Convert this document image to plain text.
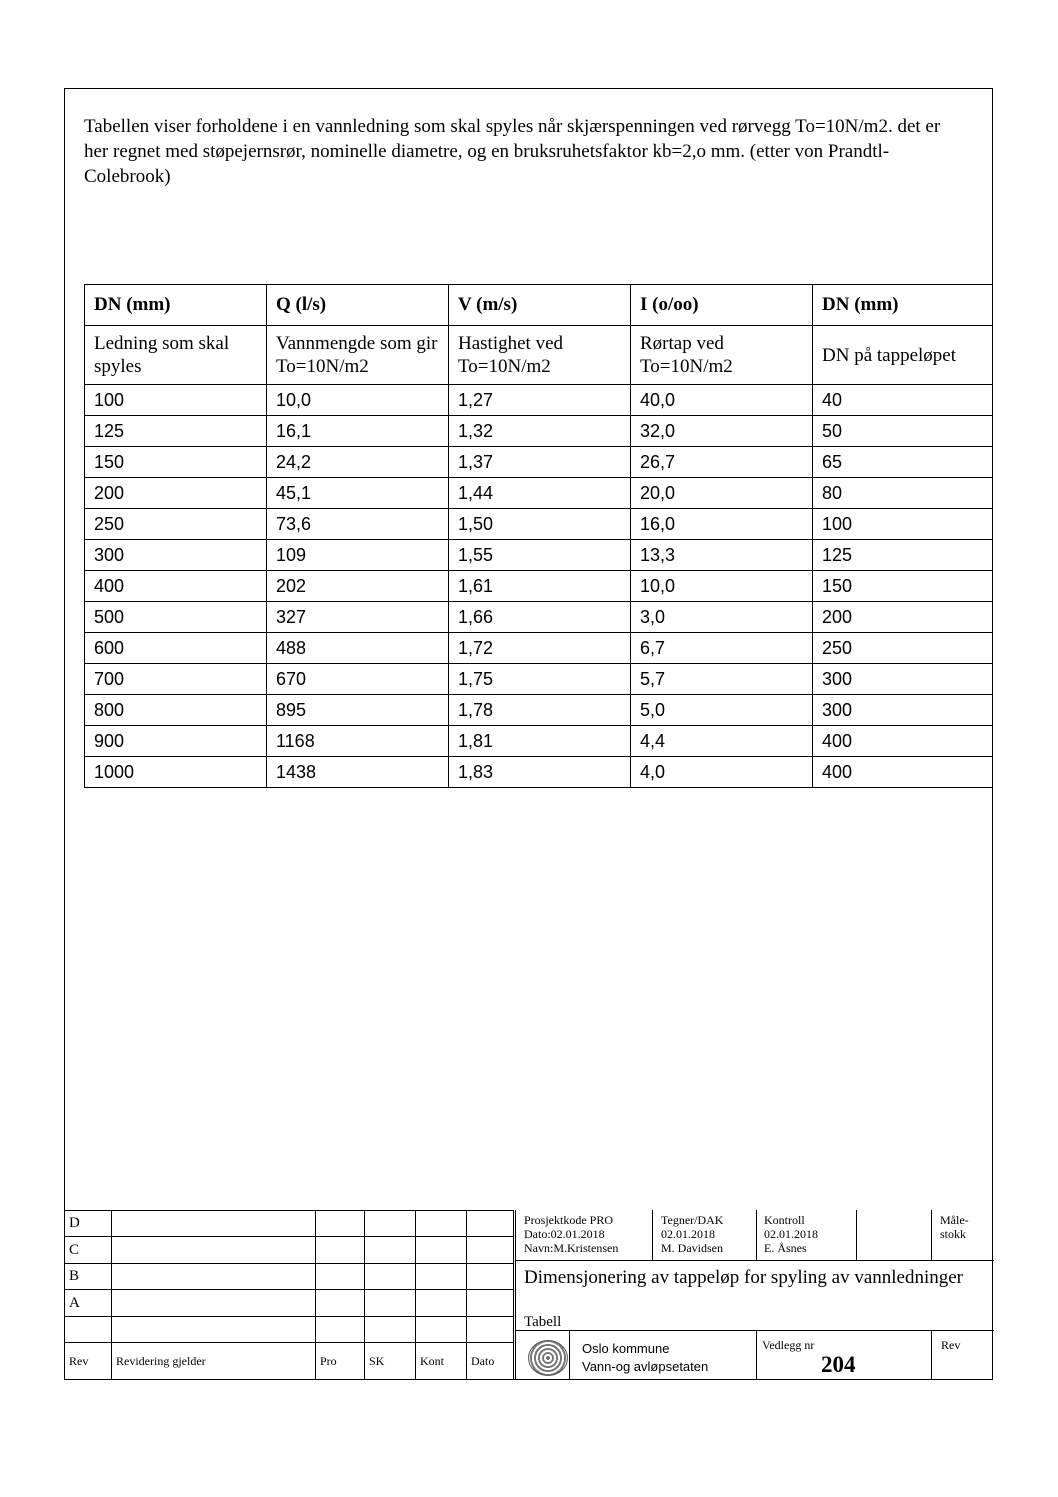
Tabellen viser forholdene i en vannledning som skal spyles når skjærspenningen ved rørvegg To=10N/m2. det er her regnet med støpejernsrør, nominelle diametre, og en bruksruhetsfaktor kb=2,o mm. (etter von Prandtl-Colebrook)
DN (mm)	Q (l/s)	V (m/s)	I (o/oo)	DN (mm)
Ledning som skal spyles	Vannmengde som gir To=10N/m2	Hastighet ved To=10N/m2	Rørtap ved To=10N/m2	DN på tappeløpet
100	10,0	1,27	40,0	40
125	16,1	1,32	32,0	50
150	24,2	1,37	26,7	65
200	45,1	1,44	20,0	80
250	73,6	1,50	16,0	100
300	109	1,55	13,3	125
400	202	1,61	10,0	150
500	327	1,66	3,0	200
600	488	1,72	6,7	250
700	670	1,75	5,7	300
800	895	1,78	5,0	300
900	1168	1,81	4,4	400
1000	1438	1,83	4,0	400
D					
C					
B					
A					

Rev	Revidering gjelder	Pro	SK	Kont	Dato
Prosjektkode PRO
Dato:02.01.2018
Navn:M.Kristensen
Tegner/DAK
02.01.2018
M. Davidsen
Kontroll
02.01.2018
E. Åsnes
Måle-stokk
Dimensjonering av tappeløp for spyling av vannledninger
Tabell
Oslo kommune
Vann-og avløpsetaten
Vedlegg nr
204
Rev
